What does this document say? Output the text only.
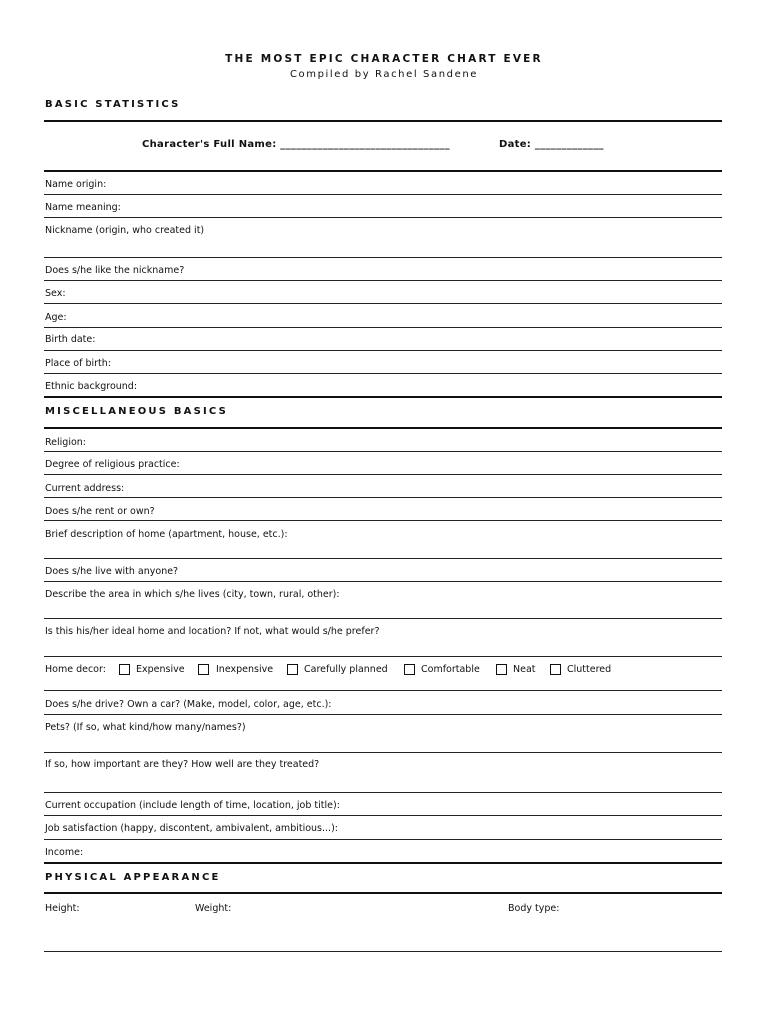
THE MOST EPIC CHARACTER CHART EVER
Compiled by Rachel Sandene
BASIC STATISTICS
Character's Full Name: ________________________________	Date: _____________
Name origin:
Name meaning:
Nickname (origin, who created it)
Does s/he like the nickname?
Sex:
Age:
Birth date:
Place of birth:
Ethnic background:
MISCELLANEOUS BASICS
Religion:
Degree of religious practice:
Current address:
Does s/he rent or own?
Brief description of home (apartment, house, etc.):
Does s/he live with anyone?
Describe the area in which s/he lives (city, town, rural, other):
Is this his/her ideal home and location? If not, what would s/he prefer?
Home decor:	Expensive	Inexpensive	Carefully planned	Comfortable	Neat	Cluttered
Does s/he drive? Own a car? (Make, model, color, age, etc.):
Pets? (If so, what kind/how many/names?)
If so, how important are they? How well are they treated?
Current occupation (include length of time, location, job title):
Job satisfaction (happy, discontent, ambivalent, ambitious...):
Income:
PHYSICAL APPEARANCE
Height:	Weight:	Body type:
